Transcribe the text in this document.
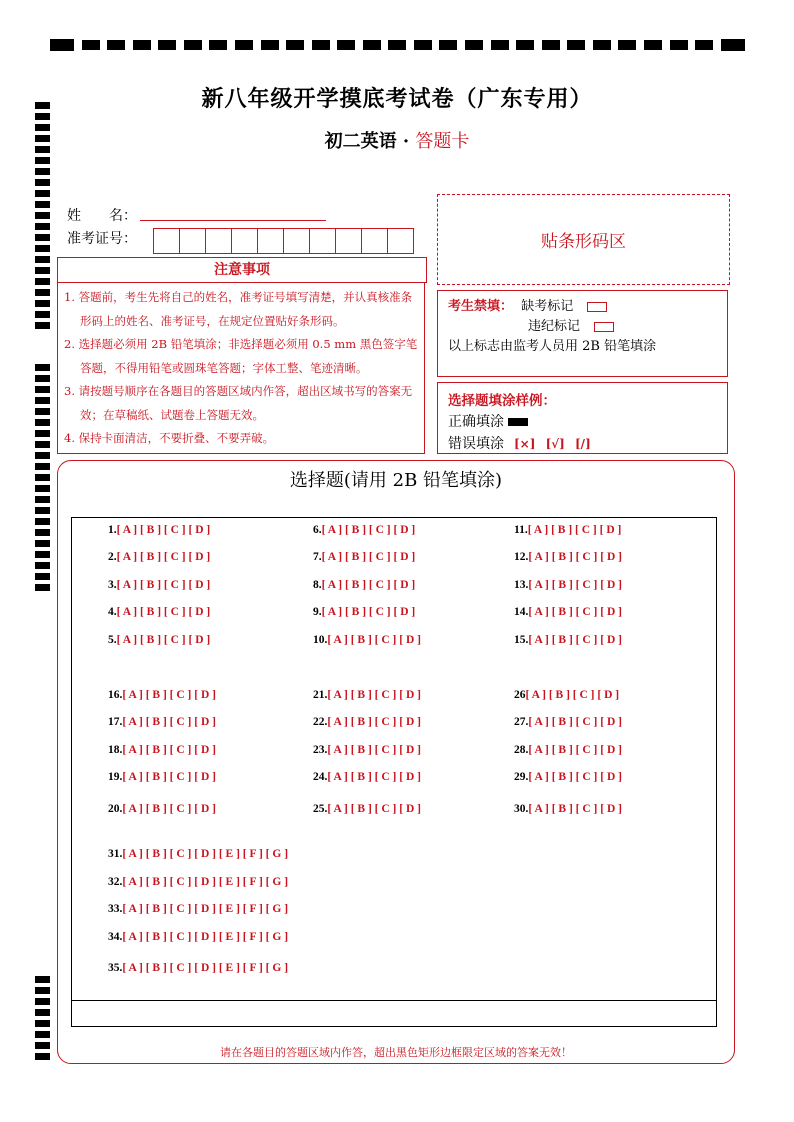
新八年级开学摸底考试卷（广东专用）
初二英语 · 答题卡
姓　　名：
准考证号：	贴条形码区
注意事项
1. 答题前，考生先将自己的姓名，准考证号填写清楚，并认真核准条形码上的姓名、准考证号，在规定位置贴好条形码。
2. 选择题必须用 2B 铅笔填涂；非选择题必须用 0.5 mm 黑色签字笔答题，不得用铅笔或圆珠笔答题；字体工整、笔迹清晰。
3. 请按题号顺序在各题目的答题区域内作答，超出区域书写的答案无效；在草稿纸、试题卷上答题无效。
4. 保持卡面清洁，不要折叠、不要弄破。
考生禁填： 缺考标记
违纪标记
以上标志由监考人员用 2B 铅笔填涂
选择题填涂样例：
正确填涂
错误填涂 [×] [√] [/]
选择题(请用 2B 铅笔填涂)
1.[ A ] [ B ] [ C ] [ D ]
2.[ A ] [ B ] [ C ] [ D ]
3.[ A ] [ B ] [ C ] [ D ]
4.[ A ] [ B ] [ C ] [ D ]
5.[ A ] [ B ] [ C ] [ D ]
6.[ A ] [ B ] [ C ] [ D ]
7.[ A ] [ B ] [ C ] [ D ]
8.[ A ] [ B ] [ C ] [ D ]
9.[ A ] [ B ] [ C ] [ D ]
10.[ A ] [ B ] [ C ] [ D ]
11.[ A ] [ B ] [ C ] [ D ]
12.[ A ] [ B ] [ C ] [ D ]
13.[ A ] [ B ] [ C ] [ D ]
14.[ A ] [ B ] [ C ] [ D ]
15.[ A ] [ B ] [ C ] [ D ]
16.[ A ] [ B ] [ C ] [ D ]
17.[ A ] [ B ] [ C ] [ D ]
18.[ A ] [ B ] [ C ] [ D ]
19.[ A ] [ B ] [ C ] [ D ]
20.[ A ] [ B ] [ C ] [ D ]
21.[ A ] [ B ] [ C ] [ D ]
22.[ A ] [ B ] [ C ] [ D ]
23.[ A ] [ B ] [ C ] [ D ]
24.[ A ] [ B ] [ C ] [ D ]
25.[ A ] [ B ] [ C ] [ D ]
26[ A ] [ B ] [ C ] [ D ]
27.[ A ] [ B ] [ C ] [ D ]
28.[ A ] [ B ] [ C ] [ D ]
29.[ A ] [ B ] [ C ] [ D ]
30.[ A ] [ B ] [ C ] [ D ]
31.[ A ] [ B ] [ C ] [ D ] [ E ] [ F ] [ G ]
32.[ A ] [ B ] [ C ] [ D ] [ E ] [ F ] [ G ]
33.[ A ] [ B ] [ C ] [ D ] [ E ] [ F ] [ G ]
34.[ A ] [ B ] [ C ] [ D ] [ E ] [ F ] [ G ]
35.[ A ] [ B ] [ C ] [ D ] [ E ] [ F ] [ G ]
请在各题目的答题区域内作答，超出黑色矩形边框限定区域的答案无效！
